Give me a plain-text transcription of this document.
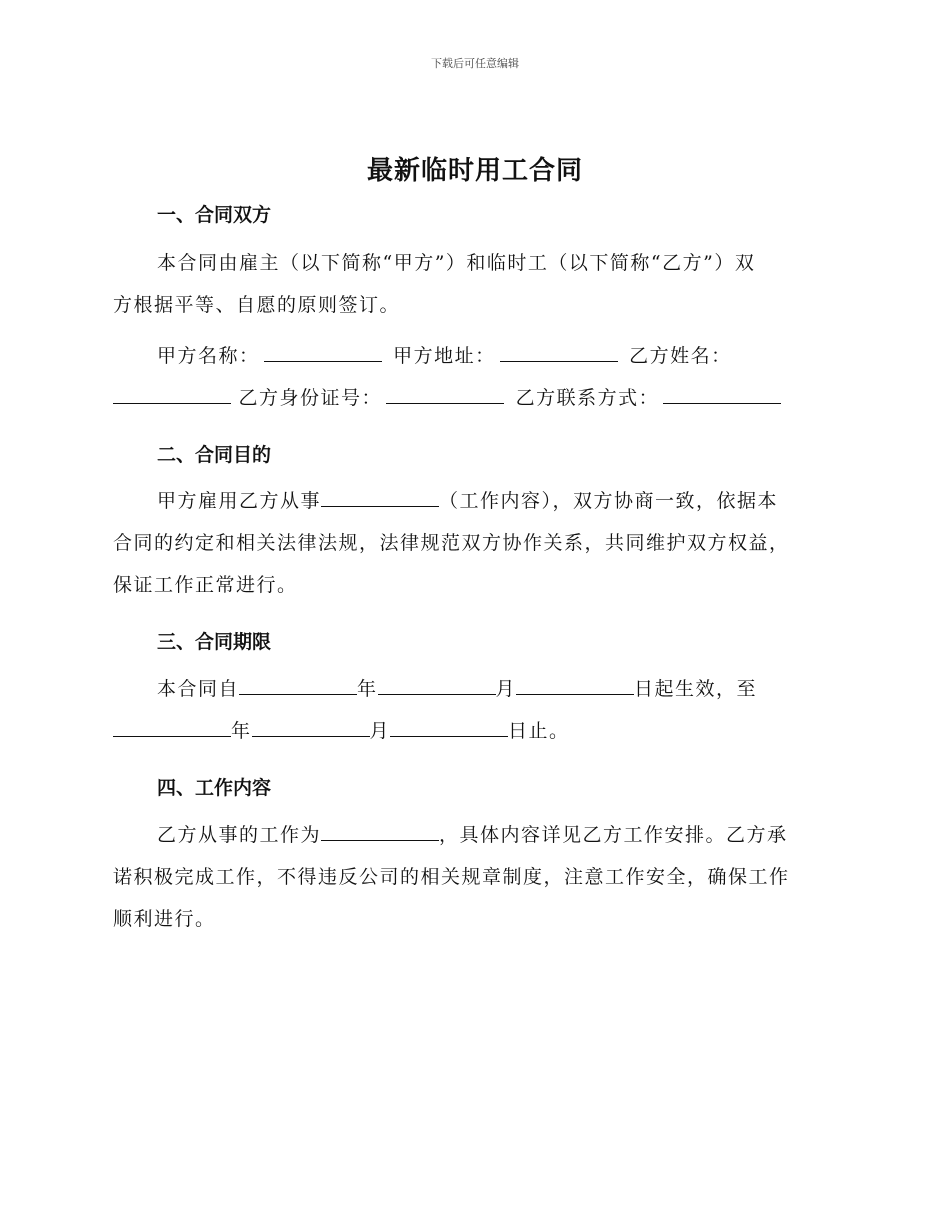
下载后可任意编辑
最新临时用工合同
一、合同双方
本合同由雇主（以下简称“甲方”）和临时工（以下简称“乙方”）双
方根据平等、自愿的原则签订。
甲方名称：	甲方地址：	乙方姓名：
乙方身份证号：	乙方联系方式：
二、合同目的
甲方雇用乙方从事	（工作内容），双方协商一致，依据本
合同的约定和相关法律法规，法律规范双方协作关系，共同维护双方权益，
保证工作正常进行。
三、合同期限
本合同自	年	月	日起生效，至
年	月	日止。
四、工作内容
乙方从事的工作为	，具体内容详见乙方工作安排。乙方承
诺积极完成工作，不得违反公司的相关规章制度，注意工作安全，确保工作
顺利进行。
